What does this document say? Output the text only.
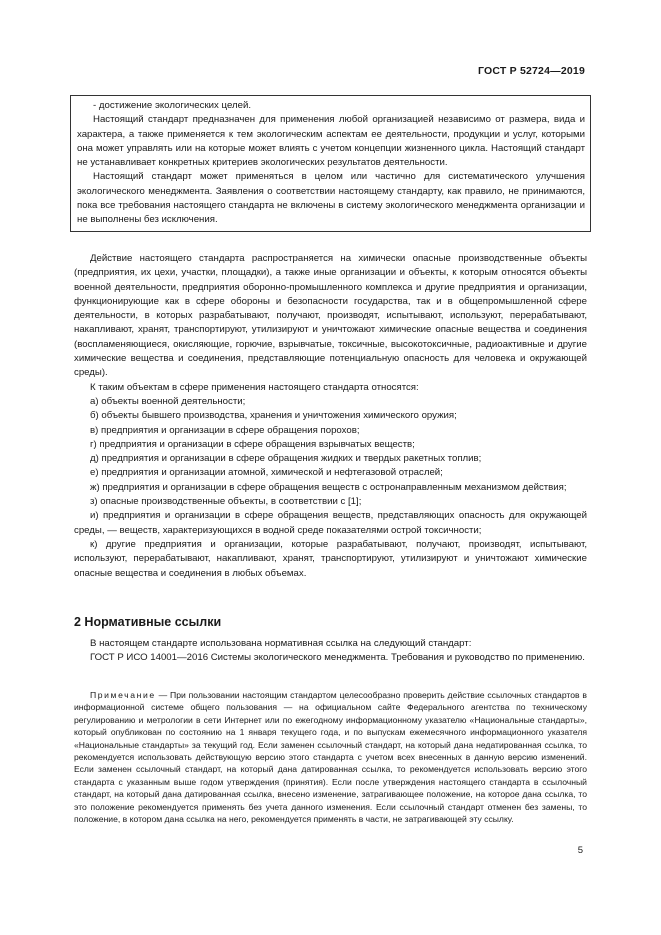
ГОСТ Р 52724—2019

- достижение экологических целей.

Настоящий стандарт предназначен для применения любой организацией независимо от размера, вида и характера, а также применяется к тем экологическим аспектам ее деятельности, продукции и услуг, которыми она может управлять или на которые может влиять с учетом концепции жизненного цикла. Настоящий стандарт не устанавливает конкретных критериев экологических результатов деятельности.

Настоящий стандарт может применяться в целом или частично для систематического улучшения экологического менеджмента. Заявления о соответствии настоящему стандарту, как правило, не принимаются, пока все требования настоящего стандарта не включены в систему экологического менеджмента организации и не выполнены без исключения.

Действие настоящего стандарта распространяется на химически опасные производственные объекты (предприятия, их цехи, участки, площадки), а также иные организации и объекты, к которым относятся объекты военной деятельности, предприятия оборонно-промышленного комплекса и другие предприятия и организации, функционирующие как в сфере обороны и безопасности государства, так и в общепромышленной сфере деятельности, в которых разрабатывают, получают, производят, испытывают, используют, перерабатывают, накапливают, хранят, транспортируют, утилизируют и уничтожают химические опасные вещества и соединения (воспламеняющиеся, окисляющие, горючие, взрывчатые, токсичные, высокотоксичные, радиоактивные и другие химические вещества и соединения, представляющие потенциальную опасность для человека и окружающей среды).

К таким объектам в сфере применения настоящего стандарта относятся:

а) объекты военной деятельности;

б) объекты бывшего производства, хранения и уничтожения химического оружия;

в) предприятия и организации в сфере обращения порохов;

г) предприятия и организации в сфере обращения взрывчатых веществ;

д) предприятия и организации в сфере обращения жидких и твердых ракетных топлив;

е) предприятия и организации атомной, химической и нефтегазовой отраслей;

ж) предприятия и организации в сфере обращения веществ с остронаправленным механизмом действия;

з) опасные производственные объекты, в соответствии с [1];

и) предприятия и организации в сфере обращения веществ, представляющих опасность для окружающей среды, — веществ, характеризующихся в водной среде показателями острой токсичности;

к) другие предприятия и организации, которые разрабатывают, получают, производят, испытывают, используют, перерабатывают, накапливают, хранят, транспортируют, утилизируют и уничтожают химические опасные вещества и соединения в любых объемах.

2 Нормативные ссылки

В настоящем стандарте использована нормативная ссылка на следующий стандарт:

ГОСТ Р ИСО 14001—2016 Системы экологического менеджмента. Требования и руководство по применению.

Примечание — При пользовании настоящим стандартом целесообразно проверить действие ссылочных стандартов в информационной системе общего пользования — на официальном сайте Федерального агентства по техническому регулированию и метрологии в сети Интернет или по ежегодному информационному указателю «Национальные стандарты», который опубликован по состоянию на 1 января текущего года, и по выпускам ежемесячного информационного указателя «Национальные стандарты» за текущий год. Если заменен ссылочный стандарт, на который дана недатированная ссылка, то рекомендуется использовать действующую версию этого стандарта с учетом всех внесенных в данную версию изменений. Если заменен ссылочный стандарт, на который дана датированная ссылка, то рекомендуется использовать версию этого стандарта с указанным выше годом утверждения (принятия). Если после утверждения настоящего стандарта в ссылочный стандарт, на который дана датированная ссылка, внесено изменение, затрагивающее положение, на которое дана ссылка, то это положение рекомендуется применять без учета данного изменения. Если ссылочный стандарт отменен без замены, то положение, в котором дана ссылка на него, рекомендуется применять в части, не затрагивающей эту ссылку.

5
